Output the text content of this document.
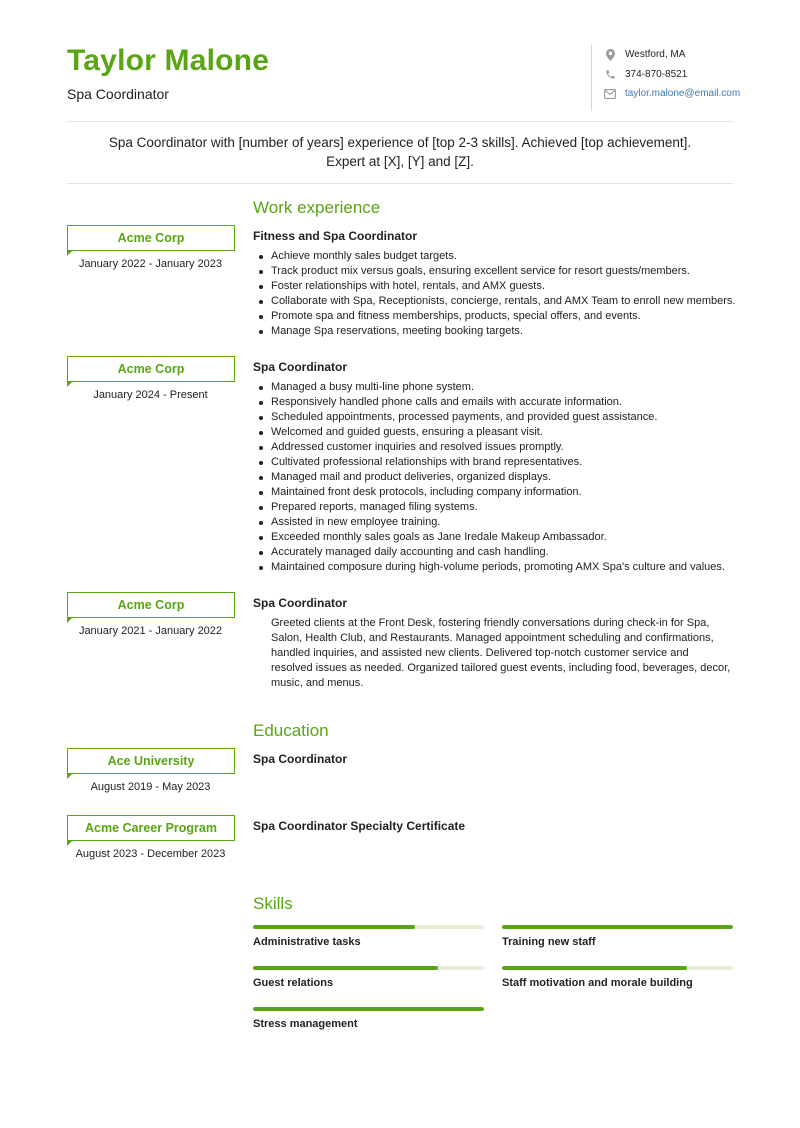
Taylor Malone
Spa Coordinator
Westford, MA
374-870-8521
taylor.malone@email.com
Spa Coordinator with [number of years] experience of [top 2-3 skills]. Achieved [top achievement]. Expert at [X], [Y] and [Z].
Work experience
Acme Corp
January 2022 - January 2023
Fitness and Spa Coordinator
Achieve monthly sales budget targets.
Track product mix versus goals, ensuring excellent service for resort guests/members.
Foster relationships with hotel, rentals, and AMX guests.
Collaborate with Spa, Receptionists, concierge, rentals, and AMX Team to enroll new members.
Promote spa and fitness memberships, products, special offers, and events.
Manage Spa reservations, meeting booking targets.
Acme Corp
January 2024 - Present
Spa Coordinator
Managed a busy multi-line phone system.
Responsively handled phone calls and emails with accurate information.
Scheduled appointments, processed payments, and provided guest assistance.
Welcomed and guided guests, ensuring a pleasant visit.
Addressed customer inquiries and resolved issues promptly.
Cultivated professional relationships with brand representatives.
Managed mail and product deliveries, organized displays.
Maintained front desk protocols, including company information.
Prepared reports, managed filing systems.
Assisted in new employee training.
Exceeded monthly sales goals as Jane Iredale Makeup Ambassador.
Accurately managed daily accounting and cash handling.
Maintained composure during high-volume periods, promoting AMX Spa's culture and values.
Acme Corp
January 2021 - January 2022
Spa Coordinator
Greeted clients at the Front Desk, fostering friendly conversations during check-in for Spa, Salon, Health Club, and Restaurants. Managed appointment scheduling and confirmations, handled inquiries, and assisted new clients. Delivered top-notch customer service and resolved issues as needed. Organized tailored guest events, including food, beverages, decor, music, and menus.
Education
Ace University
August 2019 - May 2023
Spa Coordinator
Acme Career Program
August 2023 - December 2023
Spa Coordinator Specialty Certificate
Skills
Administrative tasks	Training new staff
Guest relations	Staff motivation and morale building
Stress management
